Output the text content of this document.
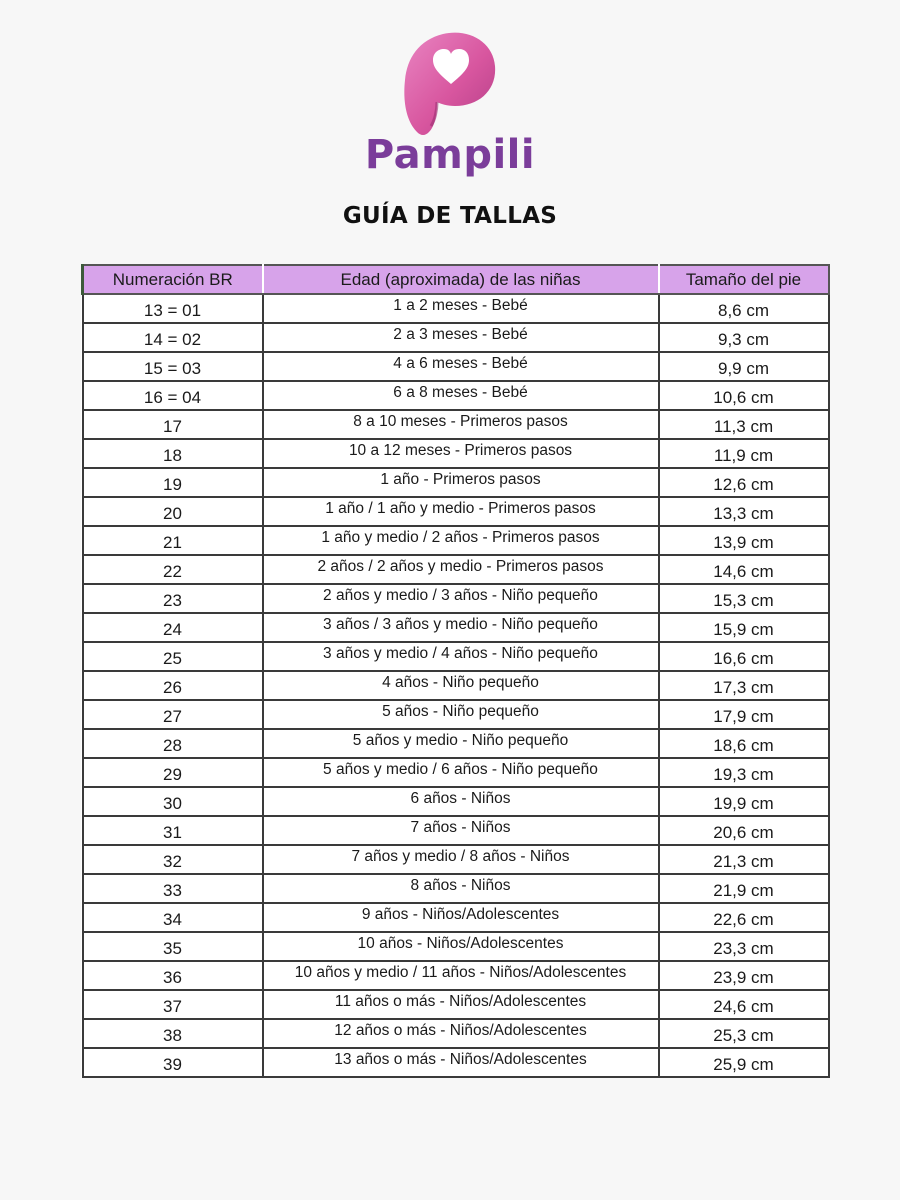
Pampili
GUÍA DE TALLAS
Numeración BR	Edad (aproximada) de las niñas	Tamaño del pie
13 = 01	1 a 2 meses - Bebé	8,6 cm
14 = 02	2 a 3 meses - Bebé	9,3 cm
15 = 03	4 a 6 meses - Bebé	9,9 cm
16 = 04	6 a 8 meses - Bebé	10,6 cm
17	8 a 10 meses - Primeros pasos	11,3 cm
18	10 a 12 meses - Primeros pasos	11,9 cm
19	1 año - Primeros pasos	12,6 cm
20	1 año / 1 año y medio - Primeros pasos	13,3 cm
21	1 año y medio / 2 años - Primeros pasos	13,9 cm
22	2 años / 2 años y medio - Primeros pasos	14,6 cm
23	2 años y medio / 3 años - Niño pequeño	15,3 cm
24	3 años / 3 años y medio - Niño pequeño	15,9 cm
25	3 años y medio / 4 años - Niño pequeño	16,6 cm
26	4 años - Niño pequeño	17,3 cm
27	5 años - Niño pequeño	17,9 cm
28	5 años y medio - Niño pequeño	18,6 cm
29	5 años y medio / 6 años - Niño pequeño	19,3 cm
30	6 años - Niños	19,9 cm
31	7 años - Niños	20,6 cm
32	7 años y medio / 8 años - Niños	21,3 cm
33	8 años - Niños	21,9 cm
34	9 años - Niños/Adolescentes	22,6 cm
35	10 años - Niños/Adolescentes	23,3 cm
36	10 años y medio / 11 años - Niños/Adolescentes	23,9 cm
37	11 años o más - Niños/Adolescentes	24,6 cm
38	12 años o más - Niños/Adolescentes	25,3 cm
39	13 años o más - Niños/Adolescentes	25,9 cm
